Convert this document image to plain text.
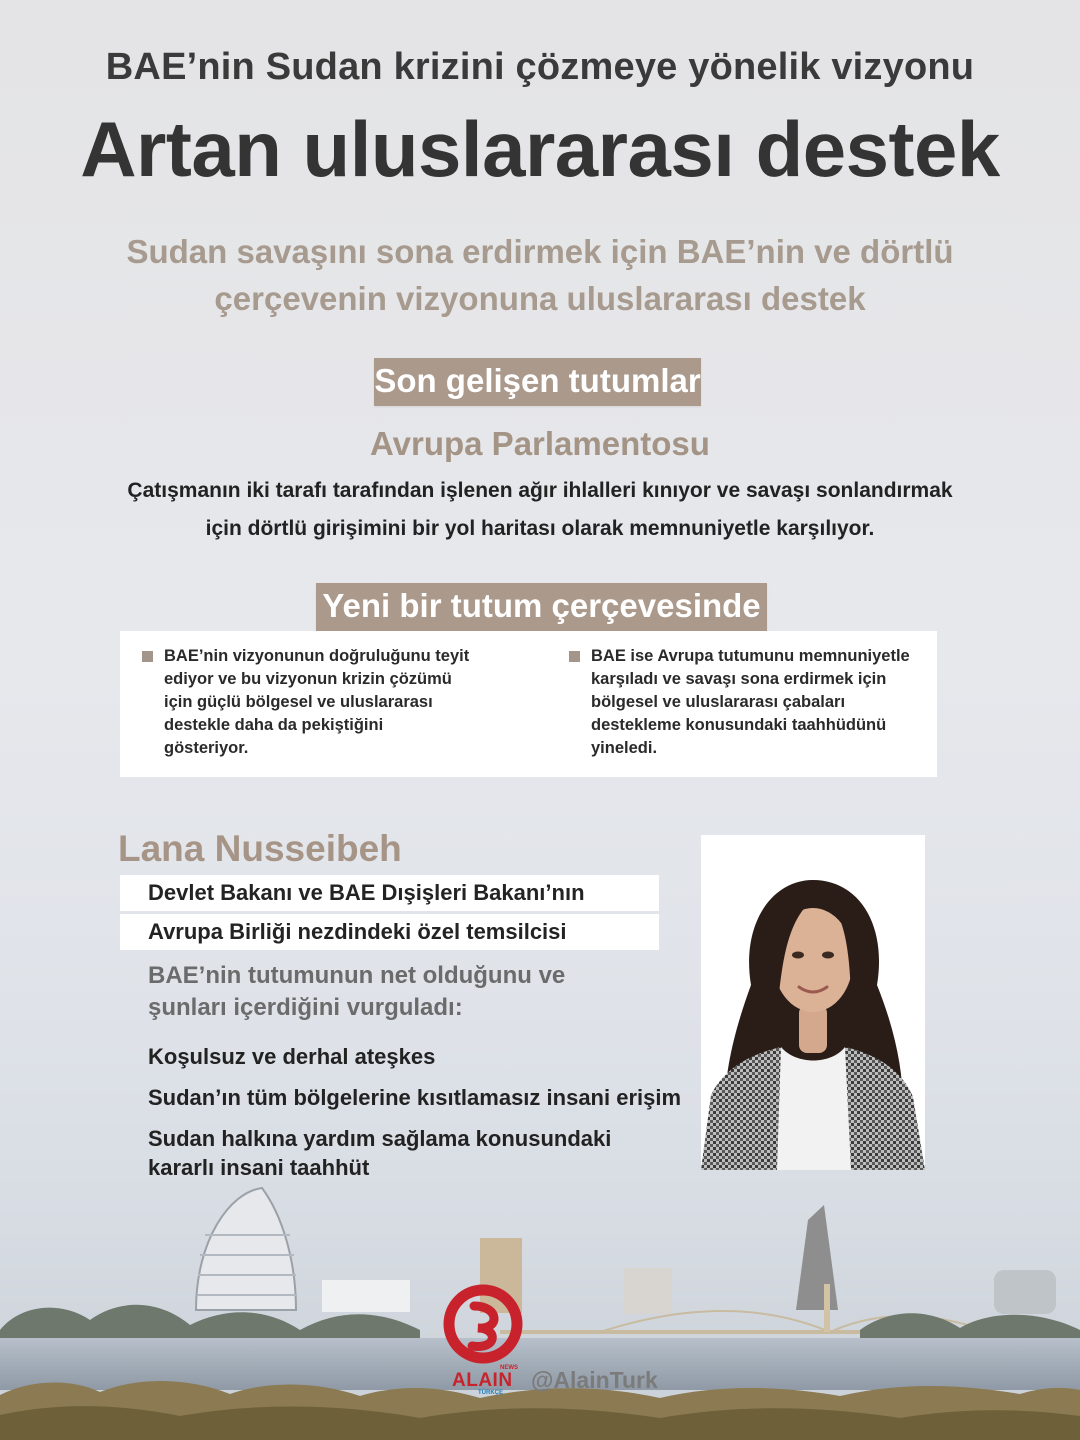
BAE’nin Sudan krizini çözmeye yönelik vizyonu
Artan uluslararası destek
Sudan savaşını sona erdirmek için BAE’nin ve dörtlü
çerçevenin vizyonuna uluslararası destek
Son gelişen tutumlar
Avrupa Parlamentosu
Çatışmanın iki tarafı tarafından işlenen ağır ihlalleri kınıyor ve savaşı sonlandırmak
için dörtlü girişimini bir yol haritası olarak memnuniyetle karşılıyor.
Yeni bir tutum çerçevesinde
BAE’nin vizyonunun doğruluğunu teyit
ediyor ve bu vizyonun krizin çözümü
için güçlü bölgesel ve uluslararası
destekle daha da pekiştiğini
gösteriyor.
BAE ise Avrupa tutumunu memnuniyetle
karşıladı ve savaşı sona erdirmek için
bölgesel ve uluslararası çabaları
destekleme konusundaki taahhüdünü
yineledi.
Lana Nusseibeh
Devlet Bakanı ve BAE Dışişleri Bakanı’nın
Avrupa Birliği nezdindeki özel temsilcisi
BAE’nin tutumunun net olduğunu ve
şunları içerdiğini vurguladı:
Koşulsuz ve derhal ateşkes
Sudan’ın tüm bölgelerine kısıtlamasız insani erişim
Sudan halkına yardım sağlama konusundaki
kararlı insani taahhüt
ALAIN
NEWS
TÜRKÇE @AlainTurk
